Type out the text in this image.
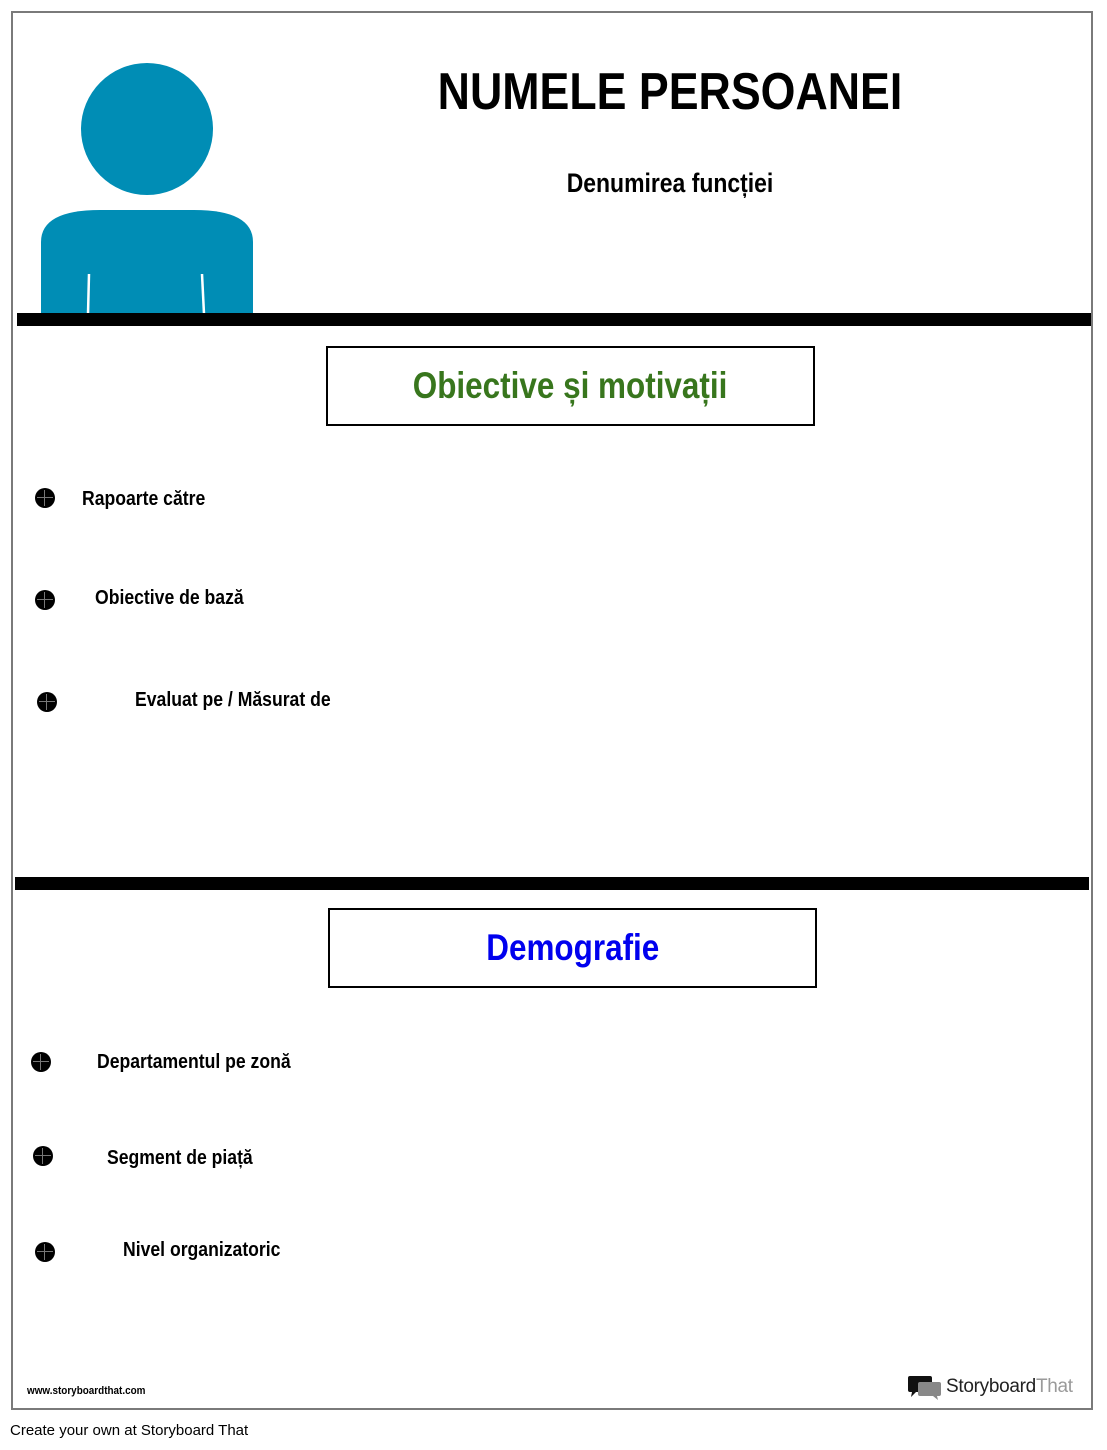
NUMELE PERSOANEI
Denumirea funcției
Obiective și motivații
Rapoarte către
Obiective de bază
Evaluat pe / Măsurat de
Demografie
Departamentul pe zonă
Segment de piață
Nivel organizatoric
www.storyboardthat.com	StoryboardThat
Create your own at Storyboard That
